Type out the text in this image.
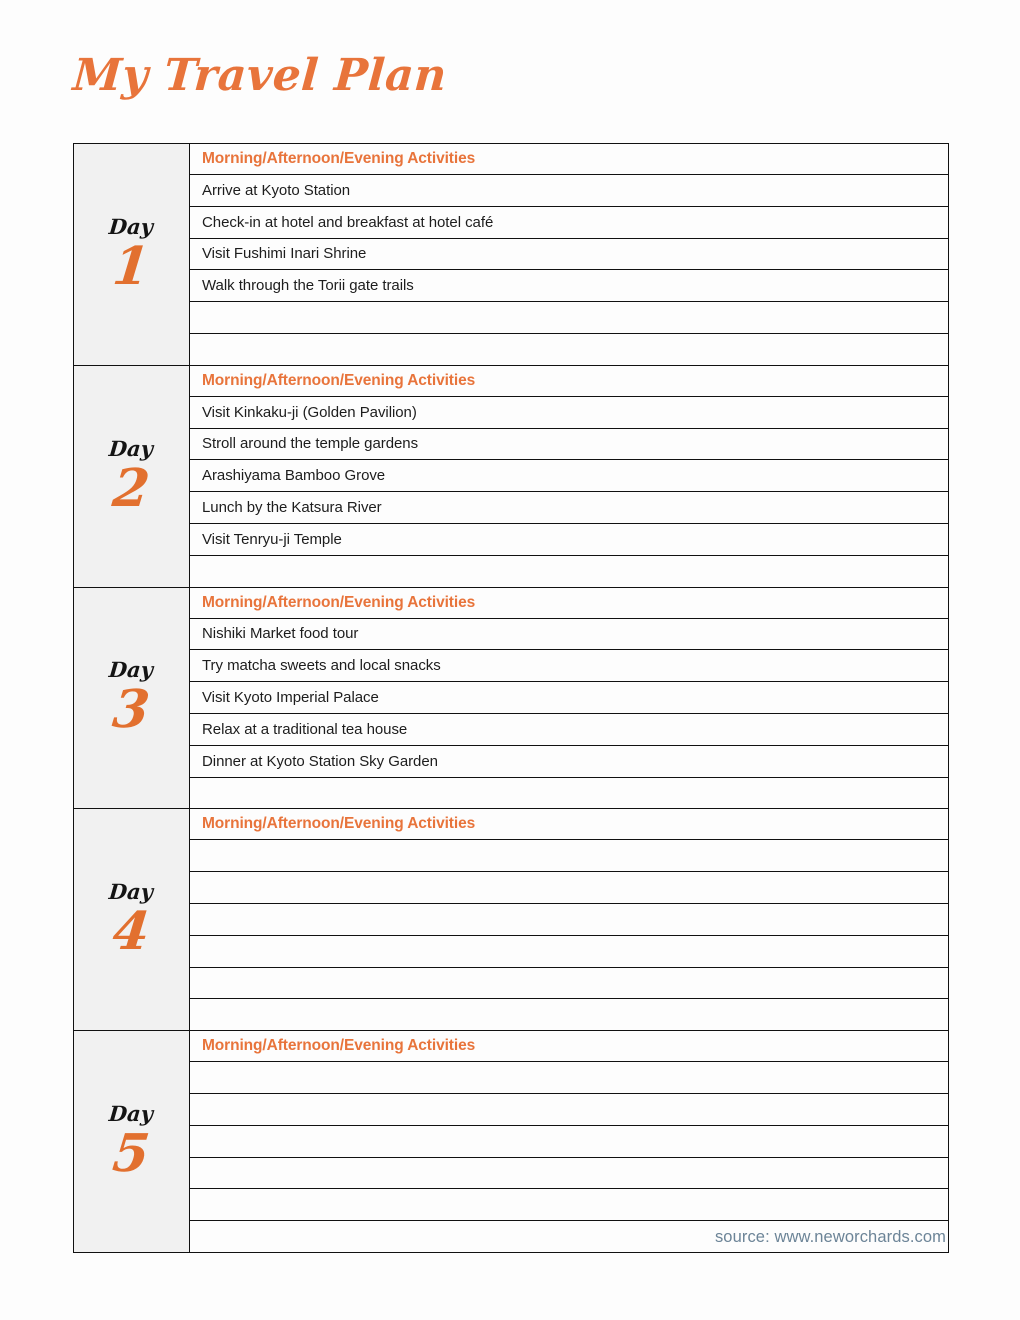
My Travel Plan
Day
1	Morning/Afternoon/Evening Activities
	Arrive at Kyoto Station
	Check-in at hotel and breakfast at hotel café
	Visit Fushimi Inari Shrine
	Walk through the Torii gate trails

Day
2	Morning/Afternoon/Evening Activities
	Visit Kinkaku-ji (Golden Pavilion)
	Stroll around the temple gardens
	Arashiyama Bamboo Grove
	Lunch by the Katsura River
	Visit Tenryu-ji Temple

Day
3	Morning/Afternoon/Evening Activities
	Nishiki Market food tour
	Try matcha sweets and local snacks
	Visit Kyoto Imperial Palace
	Relax at a traditional tea house
	Dinner at Kyoto Station Sky Garden

Day
4	Morning/Afternoon/Evening Activities

Day
5	Morning/Afternoon/Evening Activities

source: www.neworchards.com
